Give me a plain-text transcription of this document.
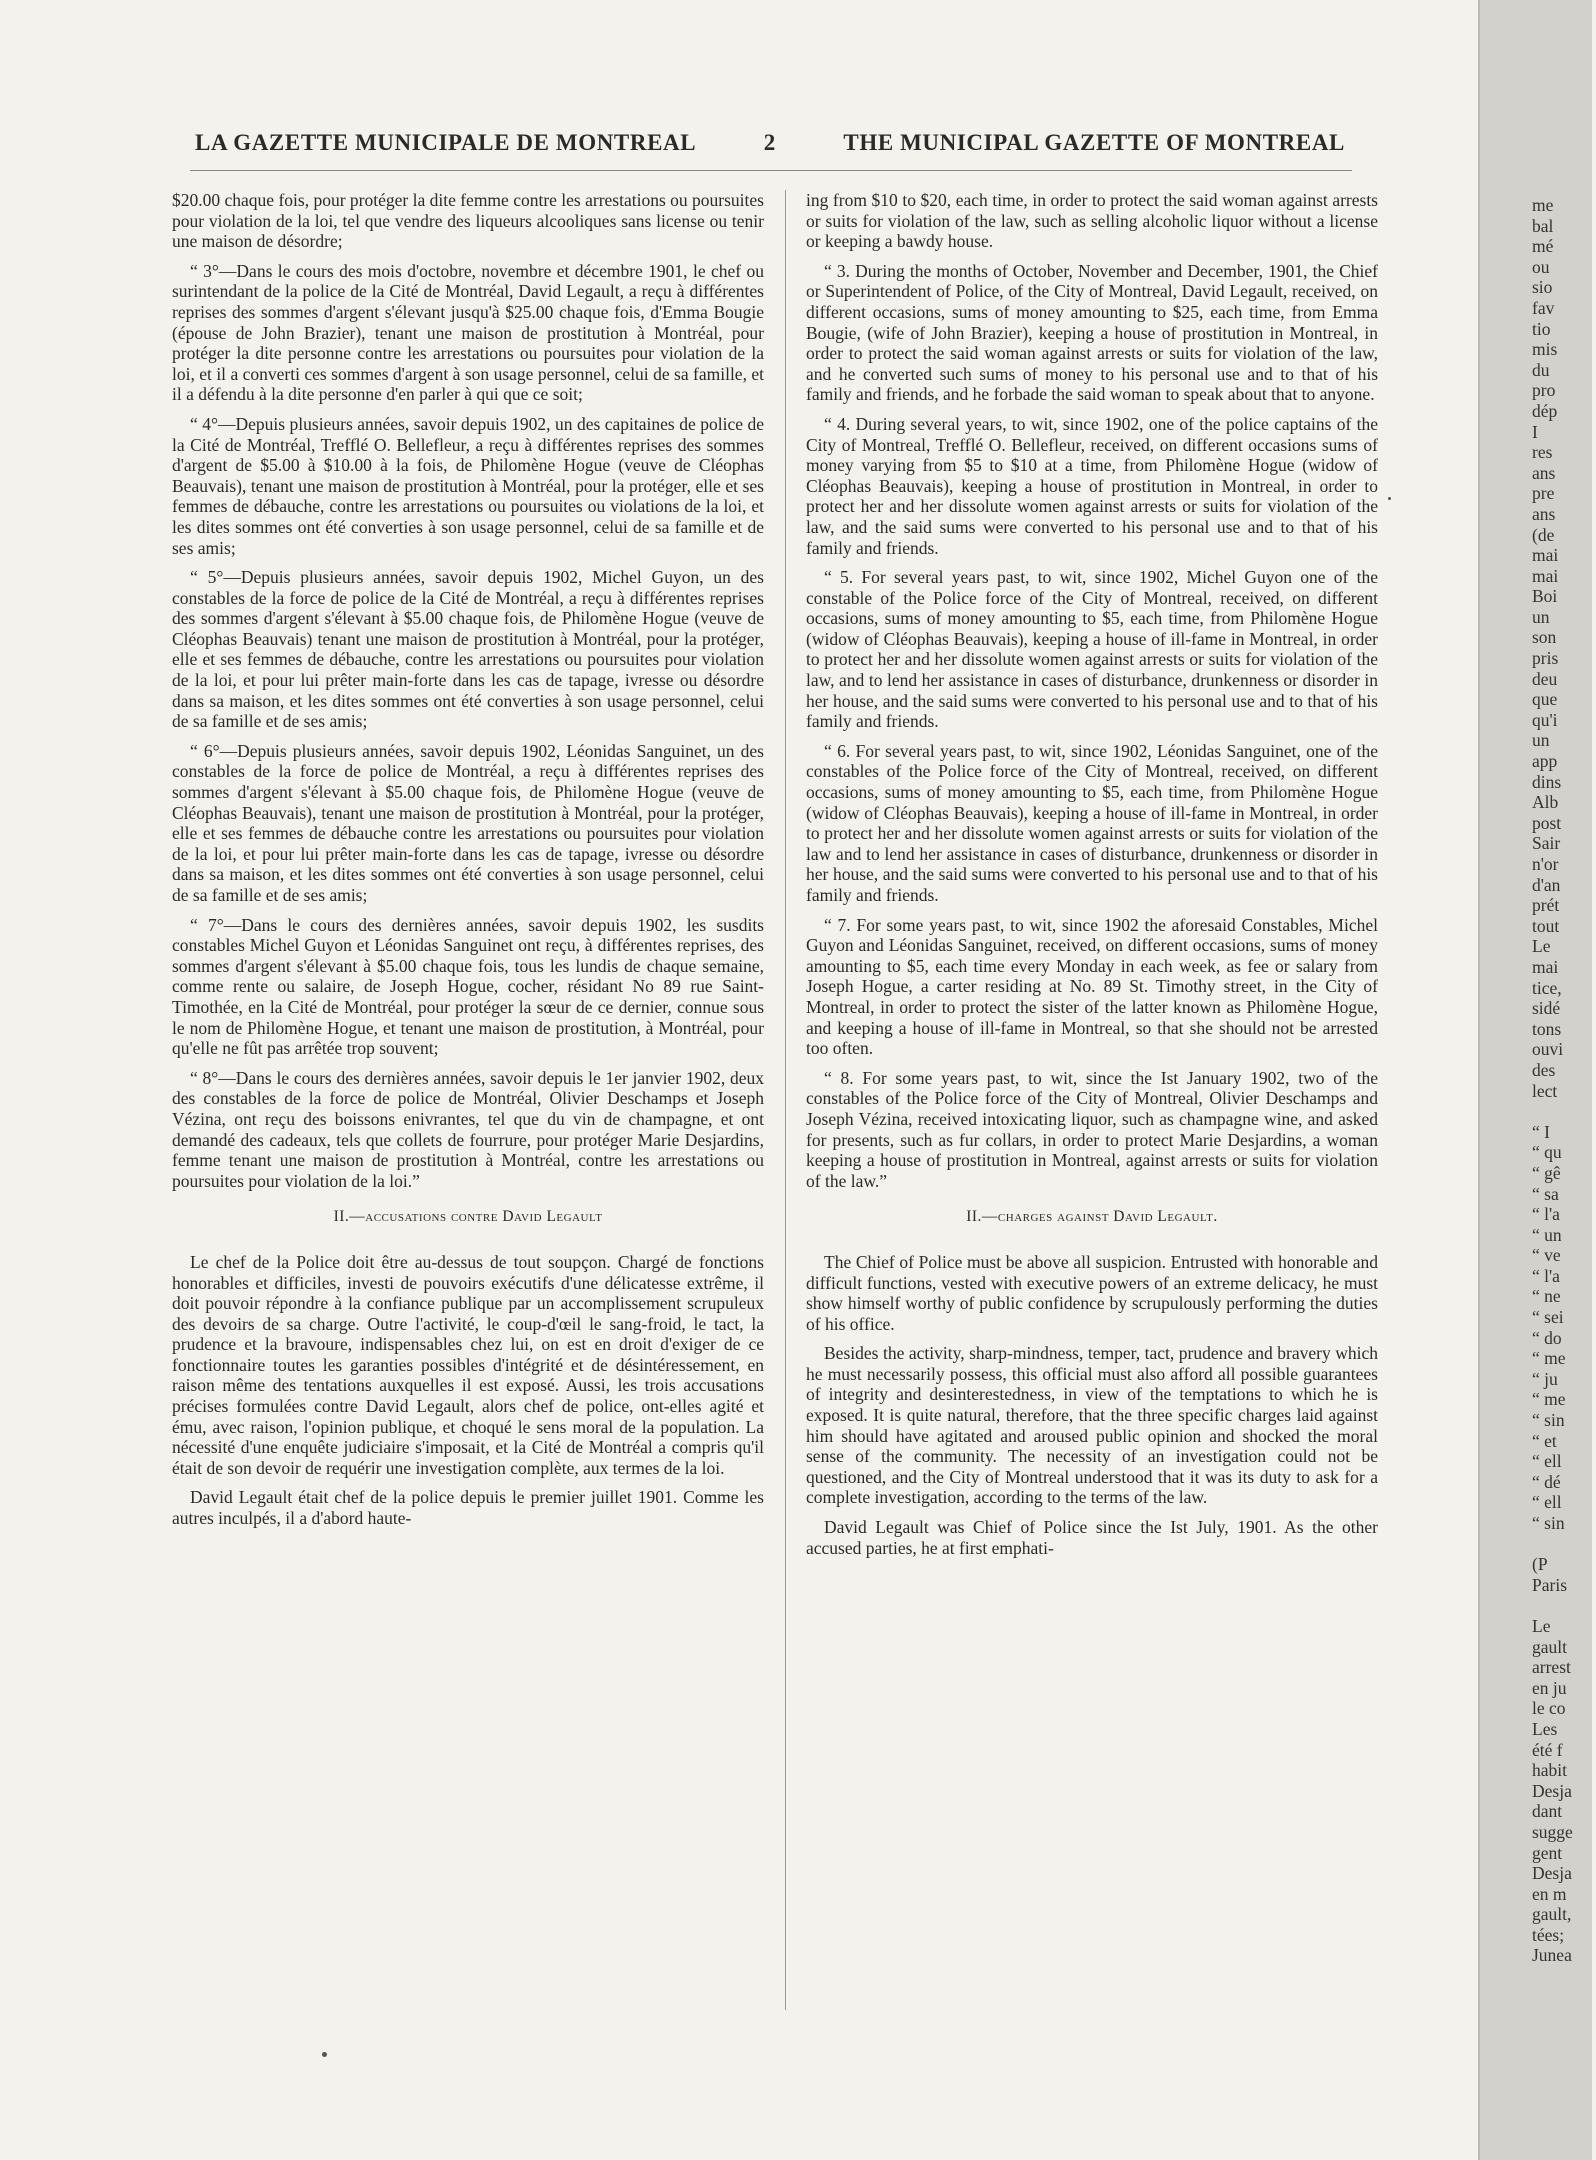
LA GAZETTE MUNICIPALE DE MONTREAL	2	THE MUNICIPAL GAZETTE OF MONTREAL

$20.00 chaque fois, pour protéger la dite femme contre les arrestations ou poursuites pour violation de la loi, tel que vendre des liqueurs alcooliques sans license ou tenir une maison de désordre;

“ 3°—Dans le cours des mois d'octobre, novembre et décembre 1901, le chef ou surintendant de la police de la Cité de Montréal, David Legault, a reçu à différentes reprises des sommes d'argent s'élevant jusqu'à $25.00 chaque fois, d'Emma Bougie (épouse de John Brazier), tenant une maison de prostitution à Montréal, pour protéger la dite personne contre les arrestations ou poursuites pour violation de la loi, et il a converti ces sommes d'argent à son usage personnel, celui de sa famille, et il a défendu à la dite personne d'en parler à qui que ce soit;

“ 4°—Depuis plusieurs années, savoir depuis 1902, un des capitaines de police de la Cité de Montréal, Trefflé O. Bellefleur, a reçu à différentes reprises des sommes d'argent de $5.00 à $10.00 à la fois, de Philomène Hogue (veuve de Cléophas Beauvais), tenant une maison de prostitution à Montréal, pour la protéger, elle et ses femmes de débauche, contre les arrestations ou poursuites ou violations de la loi, et les dites sommes ont été converties à son usage personnel, celui de sa famille et de ses amis;

“ 5°—Depuis plusieurs années, savoir depuis 1902, Michel Guyon, un des constables de la force de police de la Cité de Montréal, a reçu à différentes reprises des sommes d'argent s'élevant à $5.00 chaque fois, de Philomène Hogue (veuve de Cléophas Beauvais) tenant une maison de prostitution à Montréal, pour la protéger, elle et ses femmes de débauche, contre les arrestations ou poursuites pour violation de la loi, et pour lui prêter main-forte dans les cas de tapage, ivresse ou désordre dans sa maison, et les dites sommes ont été converties à son usage personnel, celui de sa famille et de ses amis;

“ 6°—Depuis plusieurs années, savoir depuis 1902, Léonidas Sanguinet, un des constables de la force de police de Montréal, a reçu à différentes reprises des sommes d'argent s'élevant à $5.00 chaque fois, de Philomène Hogue (veuve de Cléophas Beauvais), tenant une maison de prostitution à Montréal, pour la protéger, elle et ses femmes de débauche contre les arrestations ou poursuites pour violation de la loi, et pour lui prêter main-forte dans les cas de tapage, ivresse ou désordre dans sa maison, et les dites sommes ont été converties à son usage personnel, celui de sa famille et de ses amis;

“ 7°—Dans le cours des dernières années, savoir depuis 1902, les susdits constables Michel Guyon et Léonidas Sanguinet ont reçu, à différentes reprises, des sommes d'argent s'élevant à $5.00 chaque fois, tous les lundis de chaque semaine, comme rente ou salaire, de Joseph Hogue, cocher, résidant No 89 rue Saint-Timothée, en la Cité de Montréal, pour protéger la sœur de ce dernier, connue sous le nom de Philomène Hogue, et tenant une maison de prostitution, à Montréal, pour qu'elle ne fût pas arrêtée trop souvent;

“ 8°—Dans le cours des dernières années, savoir depuis le 1er janvier 1902, deux des constables de la force de police de Montréal, Olivier Deschamps et Joseph Vézina, ont reçu des boissons enivrantes, tel que du vin de champagne, et ont demandé des cadeaux, tels que collets de fourrure, pour protéger Marie Desjardins, femme tenant une maison de prostitution à Montréal, contre les arrestations ou poursuites pour violation de la loi.”

II.—accusations contre David Legault

Le chef de la Police doit être au-dessus de tout soupçon. Chargé de fonctions honorables et difficiles, investi de pouvoirs exécutifs d'une délicatesse extrême, il doit pouvoir répondre à la confiance publique par un accomplissement scrupuleux des devoirs de sa charge. Outre l'activité, le coup-d'œil le sang-froid, le tact, la prudence et la bravoure, indispensables chez lui, on est en droit d'exiger de ce fonctionnaire toutes les garanties possibles d'intégrité et de désintéressement, en raison même des tentations auxquelles il est exposé. Aussi, les trois accusations précises formulées contre David Legault, alors chef de police, ont-elles agité et ému, avec raison, l'opinion publique, et choqué le sens moral de la population. La nécessité d'une enquête judiciaire s'imposait, et la Cité de Montréal a compris qu'il était de son devoir de requérir une investigation complète, aux termes de la loi.

David Legault était chef de la police depuis le premier juillet 1901. Comme les autres inculpés, il a d'abord haute-

ing from $10 to $20, each time, in order to protect the said woman against arrests or suits for violation of the law, such as selling alcoholic liquor without a license or keeping a bawdy house.

“ 3. During the months of October, November and December, 1901, the Chief or Superintendent of Police, of the City of Montreal, David Legault, received, on different occasions, sums of money amounting to $25, each time, from Emma Bougie, (wife of John Brazier), keeping a house of prostitution in Montreal, in order to protect the said woman against arrests or suits for violation of the law, and he converted such sums of money to his personal use and to that of his family and friends, and he forbade the said woman to speak about that to anyone.

“ 4. During several years, to wit, since 1902, one of the police captains of the City of Montreal, Trefflé O. Bellefleur, received, on different occasions sums of money varying from $5 to $10 at a time, from Philomène Hogue (widow of Cléophas Beauvais), keeping a house of prostitution in Montreal, in order to protect her and her dissolute women against arrests or suits for violation of the law, and the said sums were converted to his personal use and to that of his family and friends.

“ 5. For several years past, to wit, since 1902, Michel Guyon one of the constable of the Police force of the City of Montreal, received, on different occasions, sums of money amounting to $5, each time, from Philomène Hogue (widow of Cléophas Beauvais), keeping a house of ill-fame in Montreal, in order to protect her and her dissolute women against arrests or suits for violation of the law, and to lend her assistance in cases of disturbance, drunkenness or disorder in her house, and the said sums were converted to his personal use and to that of his family and friends.

“ 6. For several years past, to wit, since 1902, Léonidas Sanguinet, one of the constables of the Police force of the City of Montreal, received, on different occasions, sums of money amounting to $5, each time, from Philomène Hogue (widow of Cléophas Beauvais), keeping a house of ill-fame in Montreal, in order to protect her and her dissolute women against arrests or suits for violation of the law and to lend her assistance in cases of disturbance, drunkenness or disorder in her house, and the said sums were converted to his personal use and to that of his family and friends.

“ 7. For some years past, to wit, since 1902 the aforesaid Constables, Michel Guyon and Léonidas Sanguinet, received, on different occasions, sums of money amounting to $5, each time every Monday in each week, as fee or salary from Joseph Hogue, a carter residing at No. 89 St. Timothy street, in the City of Montreal, in order to protect the sister of the latter known as Philomène Hogue, and keeping a house of ill-fame in Montreal, so that she should not be arrested too often.

“ 8. For some years past, to wit, since the Ist January 1902, two of the constables of the Police force of the City of Montreal, Olivier Deschamps and Joseph Vézina, received intoxicating liquor, such as champagne wine, and asked for presents, such as fur collars, in order to protect Marie Desjardins, a woman keeping a house of prostitution in Montreal, against arrests or suits for violation of the law.”

II.—charges against David Legault.

The Chief of Police must be above all suspicion. Entrusted with honorable and difficult functions, vested with executive powers of an extreme delicacy, he must show himself worthy of public confidence by scrupulously performing the duties of his office.

Besides the activity, sharp-mindness, temper, tact, prudence and bravery which he must necessarily possess, this official must also afford all possible guarantees of integrity and desinterestedness, in view of the temptations to which he is exposed. It is quite natural, therefore, that the three specific charges laid against him should have agitated and aroused public opinion and shocked the moral sense of the community. The necessity of an investigation could not be questioned, and the City of Montreal understood that it was its duty to ask for a complete investigation, according to the terms of the law.

David Legault was Chief of Police since the Ist July, 1901. As the other accused parties, he at first emphati-

me
bal
mé
ou
sio
fav
tio
mis
du
pro
dép
I
res
ans
pre
ans
(de
mai
mai
Boi
un
son
pris
deu
que
qu'i
un
app
dins
Alb
post
Sair
n'or
d'an
prét
tout
Le
mai
tice,
sidé
tons
ouvi
des
lect
“ I
“ qu
“ gê
“ sa
“ l'a
“ un
“ ve
“ l'a
“ ne
“ sei
“ do
“ me
“ ju
“ me
“ sin
“ et
“ ell
“ dé
“ ell
“ sin
(P
Paris
Le
gault
arrest
en ju
le co
Les
été f
habit
Desja
dant
sugge
gent
Desja
en m
gault,
tées;
Junea
